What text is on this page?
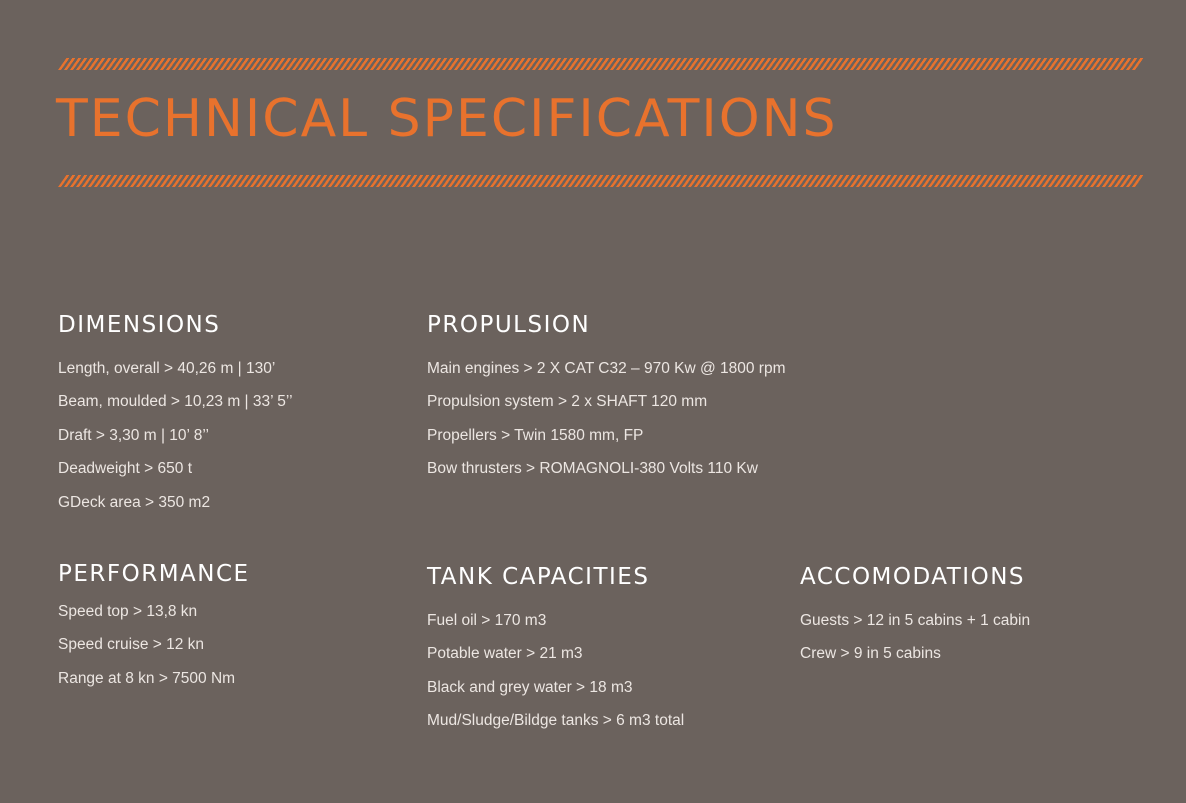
TECHNICAL SPECIFICATIONS
DIMENSIONS
Length, overall > 40,26 m | 130’
Beam, moulded > 10,23 m | 33’ 5’’
Draft > 3,30 m | 10’ 8’’
Deadweight > 650 t
GDeck area > 350 m2
PROPULSION
Main engines > 2 X CAT C32 – 970 Kw @ 1800 rpm
Propulsion system > 2 x SHAFT 120 mm
Propellers > Twin 1580 mm, FP
Bow thrusters > ROMAGNOLI-380 Volts 110 Kw
PERFORMANCE
Speed top > 13,8 kn
Speed cruise > 12 kn
Range at 8 kn > 7500 Nm
TANK CAPACITIES
Fuel oil > 170 m3
Potable water > 21 m3
Black and grey water > 18 m3
Mud/Sludge/Bildge tanks > 6 m3 total
ACCOMODATIONS
Guests > 12 in 5 cabins + 1 cabin
Crew > 9 in 5 cabins
